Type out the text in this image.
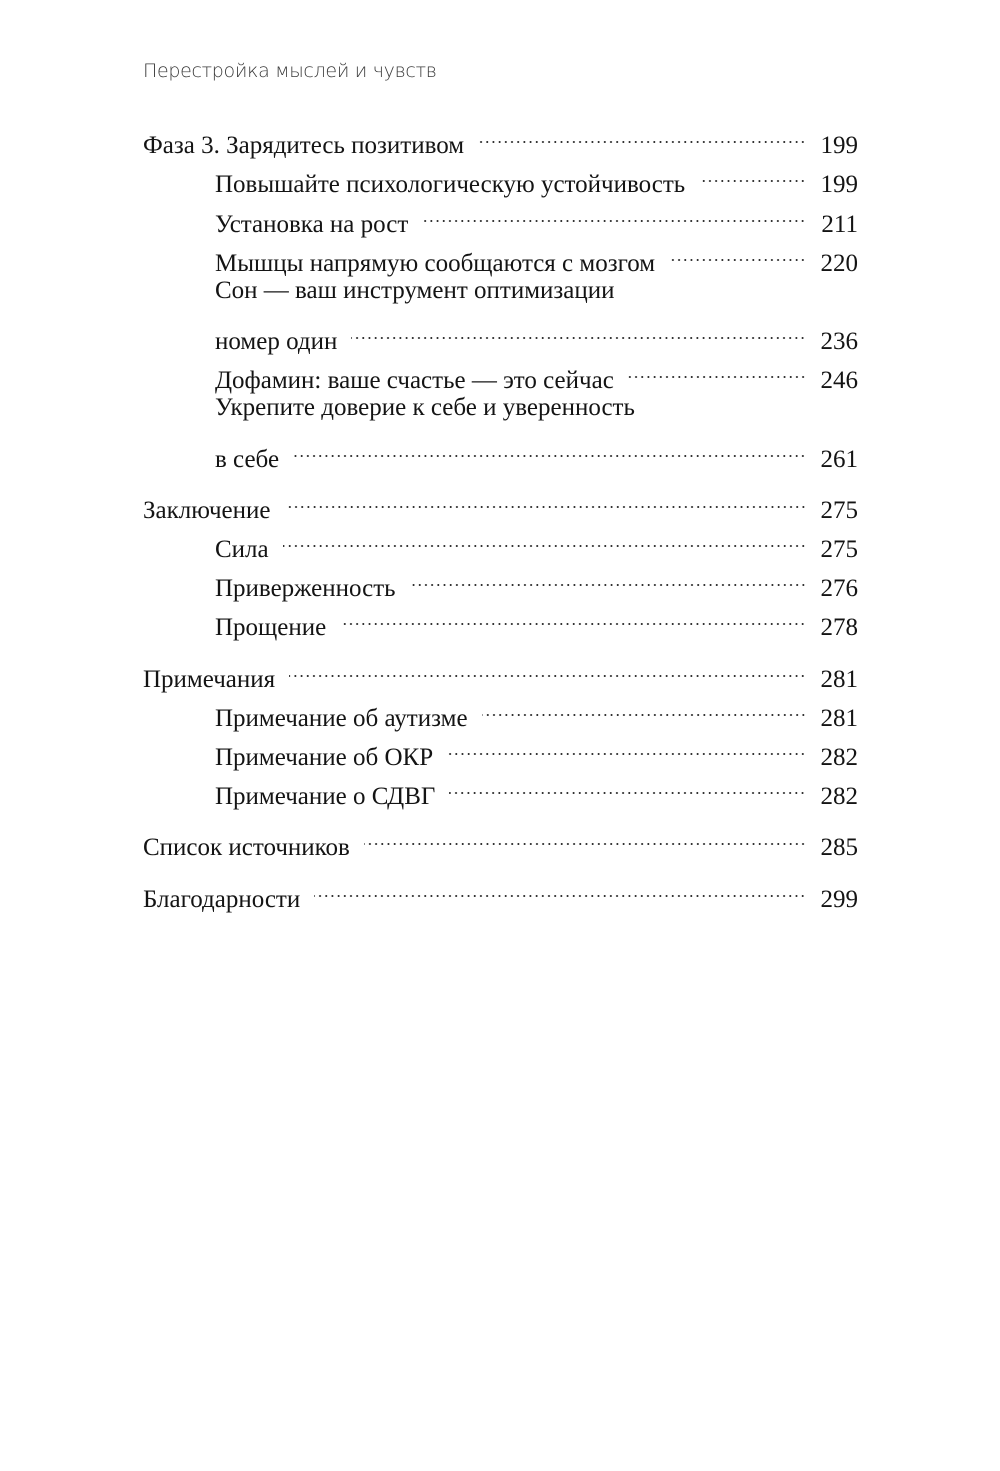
Перестройка мыслей и чувств
Фаза 3. Зарядитесь позитивом	199
Повышайте психологическую устойчивость	199
Установка на рост	211
Мышцы напрямую сообщаются с мозгом	220
Сон — ваш инструмент оптимизации
номер один	236
Дофамин: ваше счастье — это сейчас	246
Укрепите доверие к себе и уверенность
в себе	261
Заключение	275
Сила	275
Приверженность	276
Прощение	278
Примечания	281
Примечание об аутизме	281
Примечание об ОКР	282
Примечание о СДВГ	282
Список источников	285
Благодарности	299
